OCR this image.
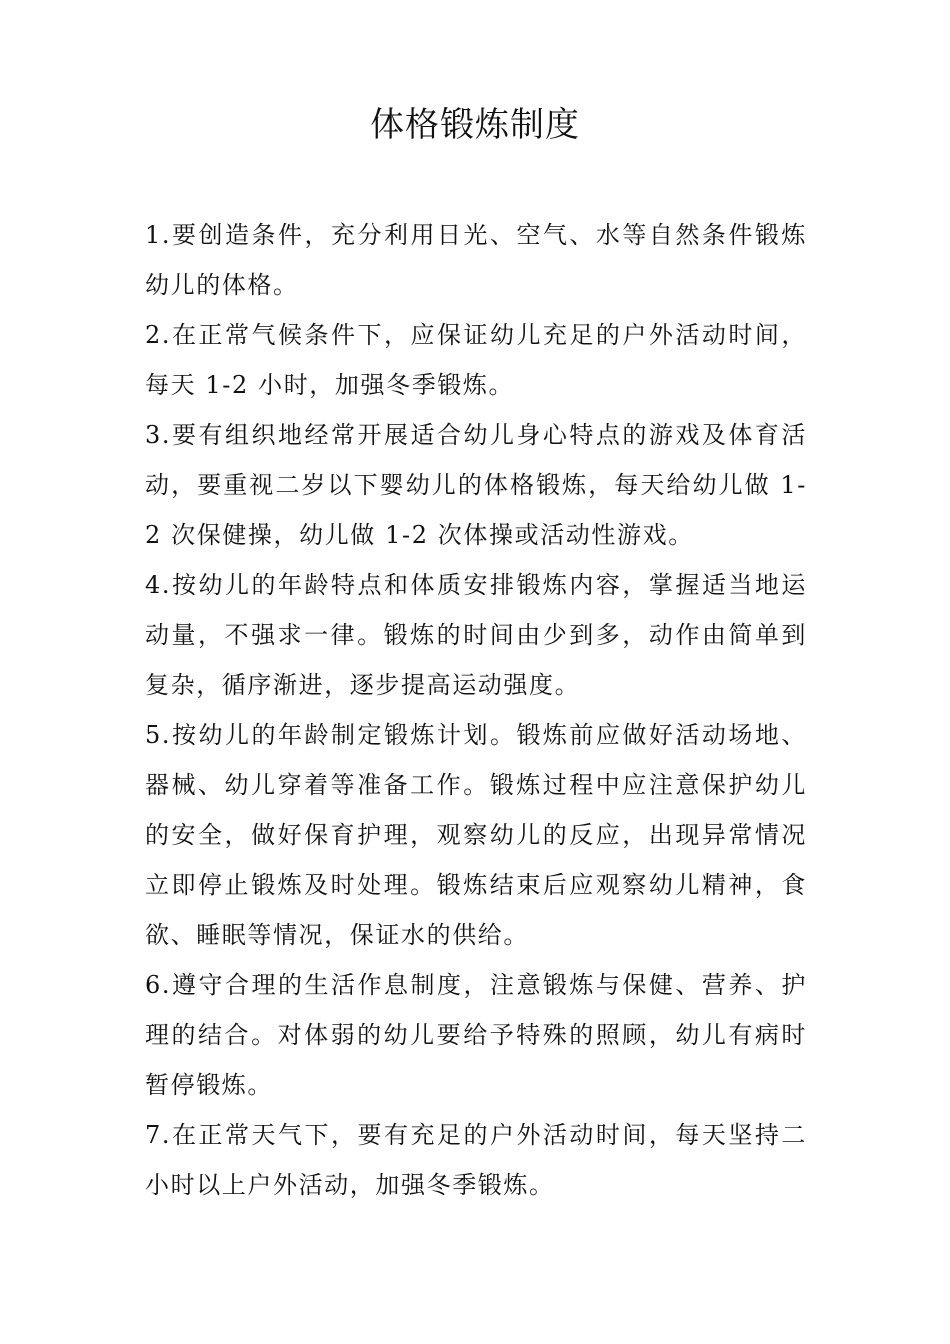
体格锻炼制度

1.要创造条件，充分利用日光、空气、水等自然条件锻炼幼儿的体格。

2.在正常气候条件下，应保证幼儿充足的户外活动时间，每天 1-2 小时，加强冬季锻炼。

3.要有组织地经常开展适合幼儿身心特点的游戏及体育活动，要重视二岁以下婴幼儿的体格锻炼，每天给幼儿做 1-2 次保健操，幼儿做 1-2 次体操或活动性游戏。

4.按幼儿的年龄特点和体质安排锻炼内容，掌握适当地运动量，不强求一律。锻炼的时间由少到多，动作由简单到复杂，循序渐进，逐步提高运动强度。

5.按幼儿的年龄制定锻炼计划。锻炼前应做好活动场地、器械、幼儿穿着等准备工作。锻炼过程中应注意保护幼儿的安全，做好保育护理，观察幼儿的反应，出现异常情况立即停止锻炼及时处理。锻炼结束后应观察幼儿精神，食欲、睡眠等情况，保证水的供给。

6.遵守合理的生活作息制度，注意锻炼与保健、营养、护理的结合。对体弱的幼儿要给予特殊的照顾，幼儿有病时暂停锻炼。

7.在正常天气下，要有充足的户外活动时间，每天坚持二小时以上户外活动，加强冬季锻炼。
